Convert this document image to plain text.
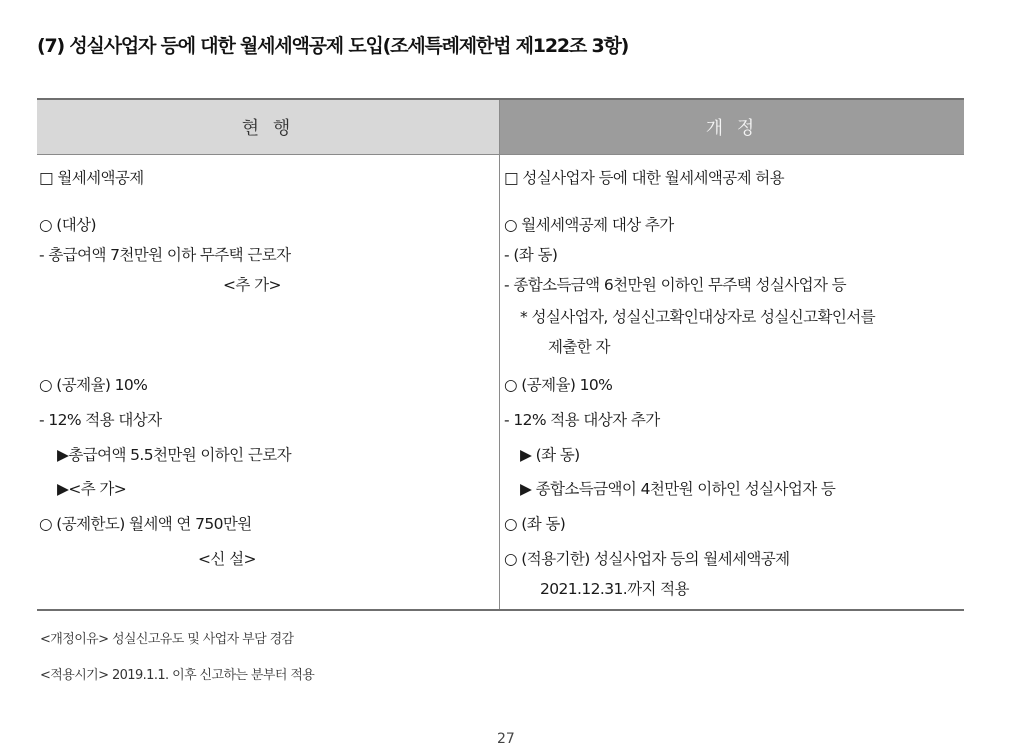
(7) 성실사업자 등에 대한 월세세액공제 도입(조세특례제한법 제122조 3항)
현 행	개 정
□ 월세세액공제
○ (대상)
- 총급여액 7천만원 이하 무주택 근로자
<추 가>
○ (공제율) 10%
- 12% 적용 대상자
▶총급여액 5.5천만원 이하인 근로자
▶<추 가>
○ (공제한도) 월세액 연 750만원
<신 설>
□ 성실사업자 등에 대한 월세세액공제 허용
○ 월세세액공제 대상 추가
- (좌 동)
- 종합소득금액 6천만원 이하인 무주택 성실사업자 등
* 성실사업자, 성실신고확인대상자로 성실신고확인서를
제출한 자
○ (공제율) 10%
- 12% 적용 대상자 추가
▶ (좌 동)
▶ 종합소득금액이 4천만원 이하인 성실사업자 등
○ (좌 동)
○ (적용기한) 성실사업자 등의 월세세액공제
2021.12.31.까지 적용
<개정이유> 성실신고유도 및 사업자 부담 경감
<적용시기> 2019.1.1. 이후 신고하는 분부터 적용
27
